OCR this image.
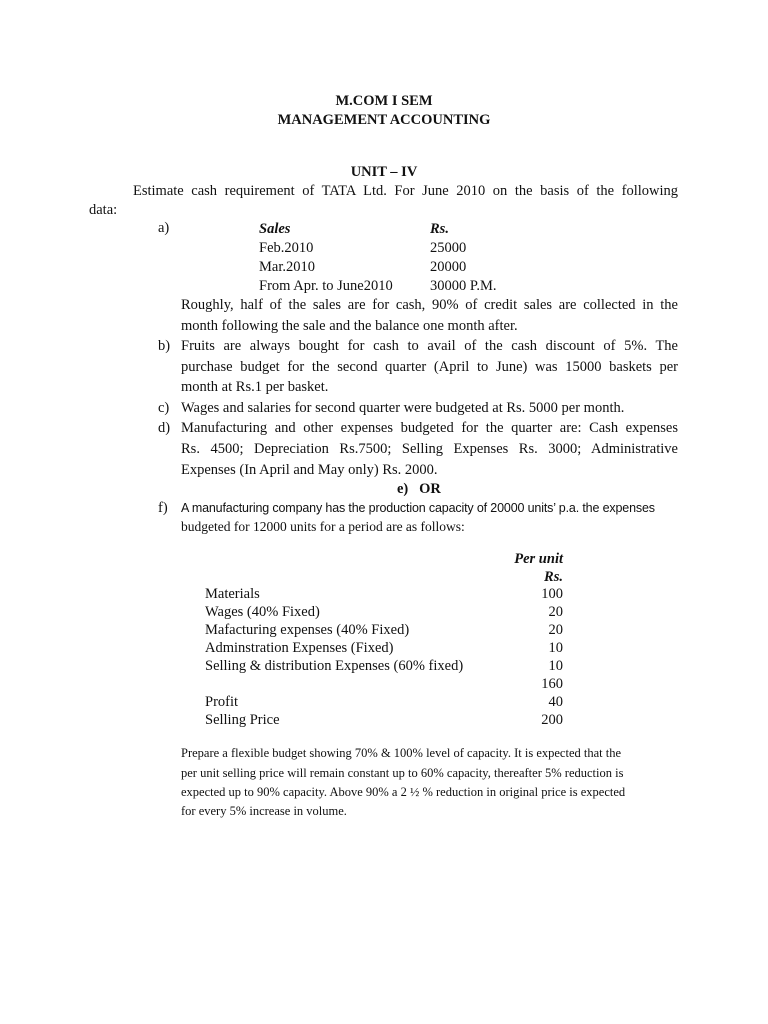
M.COM I SEM
MANAGEMENT ACCOUNTING
UNIT – IV
Estimate cash requirement of TATA Ltd. For June 2010 on the basis of the following
data:
a)	Sales	Rs.
Feb.2010	25000
Mar.2010	20000
From Apr. to June2010	30000 P.M.
Roughly, half of the sales are for cash, 90% of credit sales are collected in the
month following the sale and the balance one month after.
b) Fruits are always bought for cash to avail of the cash discount of 5%. The
purchase budget for the second quarter (April to June) was 15000 baskets per
month at Rs.1 per basket.
c) Wages and salaries for second quarter were budgeted at Rs. 5000 per month.
d) Manufacturing and other expenses budgeted for the quarter are: Cash expenses
Rs. 4500; Depreciation Rs.7500; Selling Expenses Rs. 3000; Administrative
Expenses (In April and May only) Rs. 2000.
e)   OR
f) A manufacturing company has the production capacity of 20000 units’ p.a. the expenses
budgeted for 12000 units for a period are as follows:
Per unit
Rs.
Materials	100
Wages (40% Fixed)	20
Mafacturing expenses (40% Fixed)	20
Adminstration Expenses (Fixed)	10
Selling & distribution Expenses (60% fixed)	10
160
Profit	40
Selling Price	200
Prepare a flexible budget showing 70% & 100% level of capacity. It is expected that the
per unit selling price will remain constant up to 60% capacity, thereafter 5% reduction is
expected up to 90% capacity. Above 90% a 2 ½ % reduction in original price is expected
for every 5% increase in volume.
